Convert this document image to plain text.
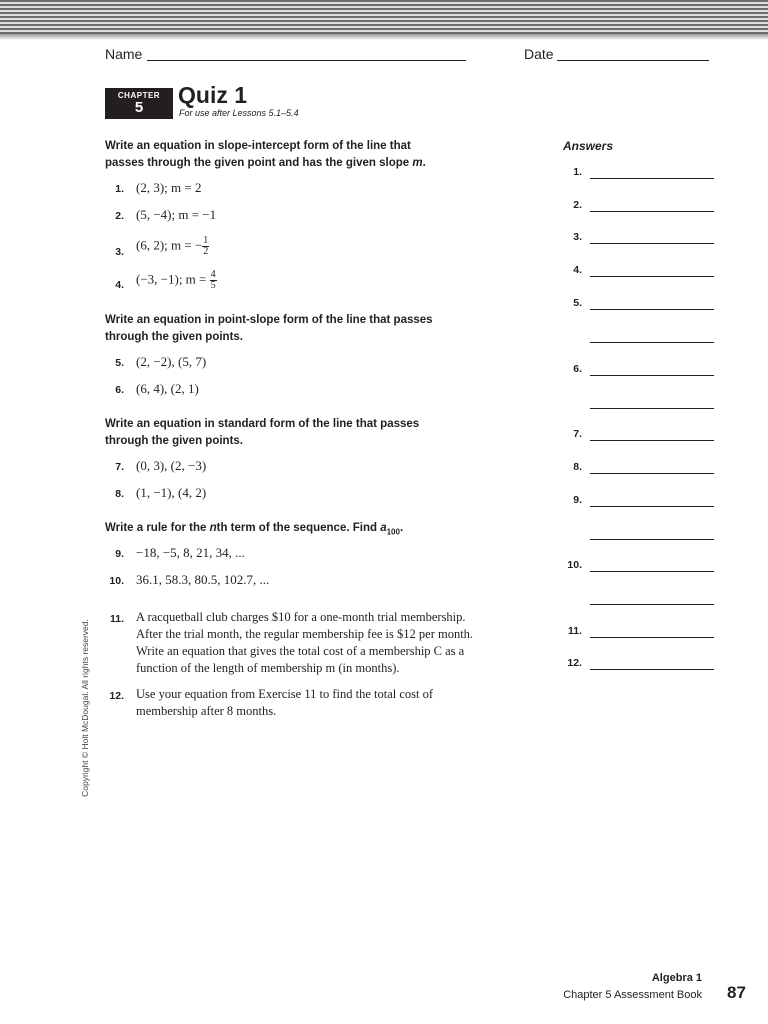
Name	Date
CHAPTER
5	Quiz 1
For use after Lessons 5.1–5.4
Write an equation in slope-intercept form of the line that
passes through the given point and has the given slope m.
1. (2, 3); m = 2
2. (5, −4); m = −1
3. (6, 2); m = − $\frac{1}{2}$
4. (−3, −1); $m = \frac{4}{5}$
Write an equation in point-slope form of the line that passes
through the given points.
5. (2, −2), (5, 7)
6. (6, 4), (2, 1)
Write an equation in standard form of the line that passes
through the given points.
7. (0, 3), (2, −3)
8. (1, −1), (4, 2)
Write a rule for the nth term of the sequence. Find $a_{100}$.
9. −18, −5, 8, 21, 34, ...
10. 36.1, 58.3, 80.5, 102.7, ...
11. A racquetball club charges $10 for a one-month trial membership.
After the trial month, the regular membership fee is $12 per month.
Write an equation that gives the total cost of a membership C as a
function of the length of membership m (in months).
12. Use your equation from Exercise 11 to find the total cost of
membership after 8 months.
Answers
1.
2.
3.
4.
5.
6.
7.
8.
9.
10.
11.
12.
Copyright © Holt McDougal. All rights reserved.
Algebra 1
Chapter 5 Assessment Book 87
